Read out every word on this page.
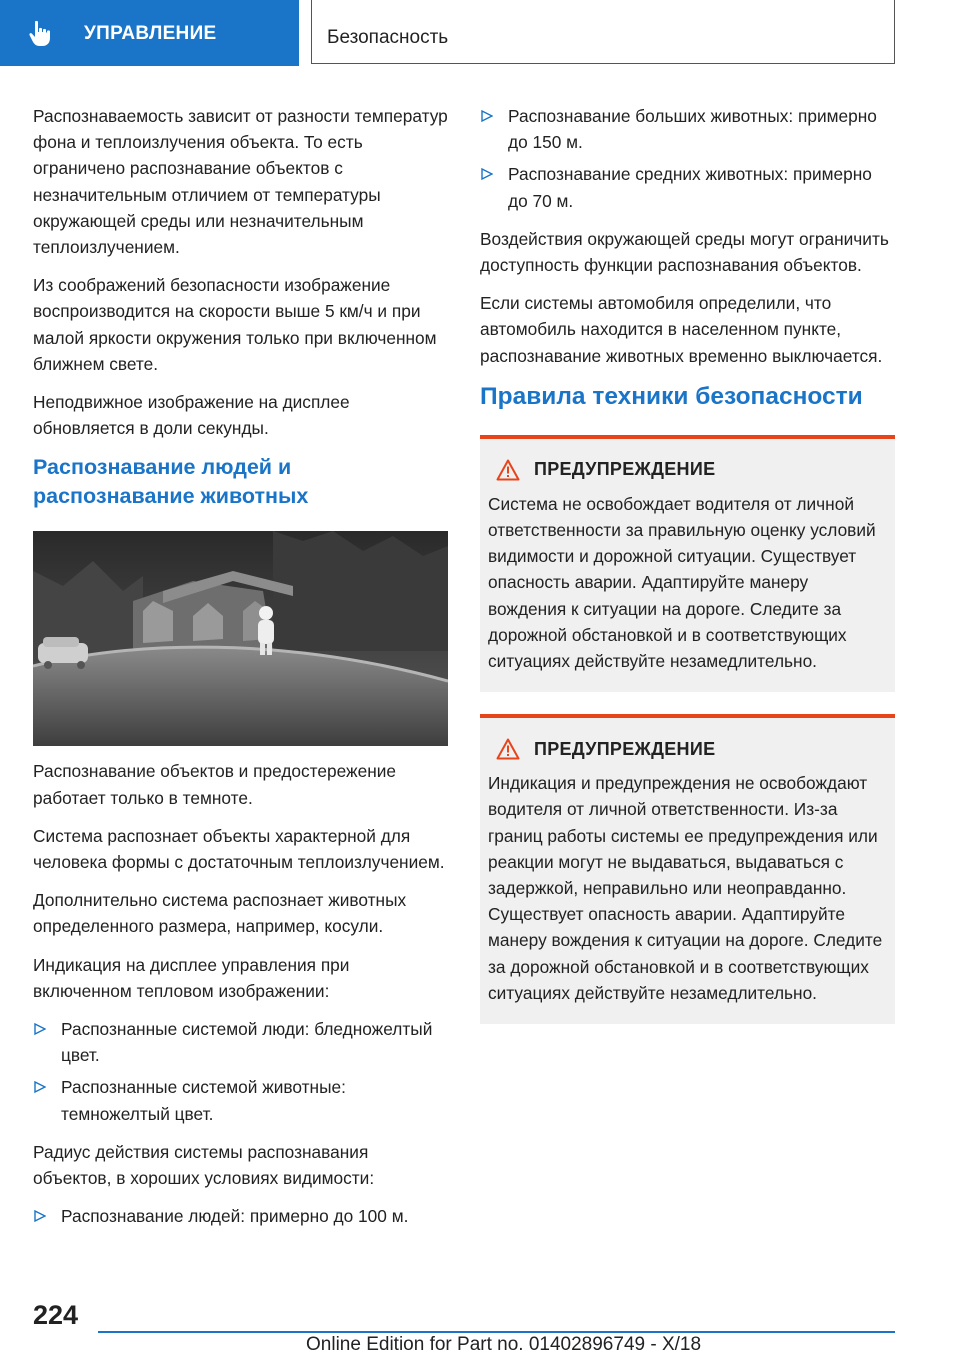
УПРАВЛЕНИЕ	Безопасность

Распознаваемость зависит от разности температур фона и теплоизлучения объекта. То есть ограничено распознавание объектов с незначительным отличием от температуры окружающей среды или незначительным теплоизлучением.

Из соображений безопасности изображение воспроизводится на скорости выше 5 км/ч и при малой яркости окружения только при включенном ближнем свете.

Неподвижное изображение на дисплее обновляется в доли секунды.

Распознавание людей и распознавание животных

Распознавание объектов и предостережение работает только в темноте.

Система распознает объекты характерной для человека формы с достаточным теплоизлучением.

Дополнительно система распознает животных определенного размера, например, косули.

Индикация на дисплее управления при включенном тепловом изображении:

Распознанные системой люди: бледножелтый цвет.
Распознанные системой животные: темножелтый цвет.

Радиус действия системы распознавания объектов, в хороших условиях видимости:

Распознавание людей: примерно до 100 м.
Распознавание больших животных: примерно до 150 м.
Распознавание средних животных: примерно до 70 м.

Воздействия окружающей среды могут ограничить доступность функции распознавания объектов.

Если системы автомобиля определили, что автомобиль находится в населенном пункте, распознавание животных временно выключается.

Правила техники безопасности
ПРЕДУПРЕЖДЕНИЕ

Система не освобождает водителя от личной ответственности за правильную оценку условий видимости и дорожной ситуации. Существует опасность аварии. Адаптируйте манеру вождения к ситуации на дороге. Следите за дорожной обстановкой и в соответствующих ситуациях действуйте незамедлительно.

ПРЕДУПРЕЖДЕНИЕ

Индикация и предупреждения не освобождают водителя от личной ответственности. Из-за границ работы системы ее предупреждения или реакции могут не выдаваться, выдаваться с задержкой, неправильно или неоправданно. Существует опасность аварии. Адаптируйте манеру вождения к ситуации на дороге. Следите за дорожной обстановкой и в соответствующих ситуациях действуйте незамедлительно.

224
Online Edition for Part no. 01402896749 - X/18
